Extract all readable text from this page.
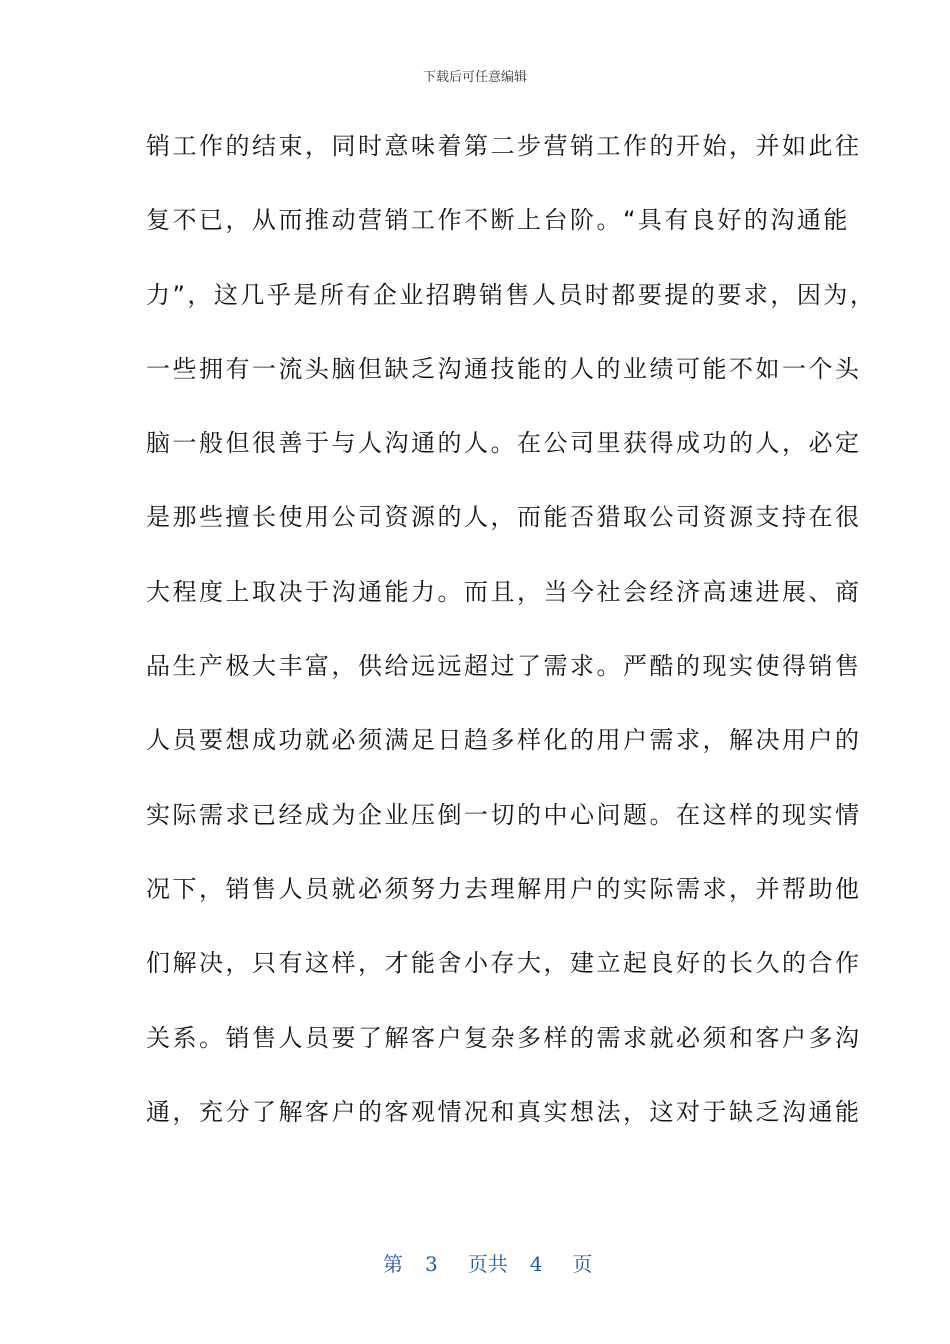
下载后可任意编辑
销工作的结束，同时意味着第二步营销工作的开始，并如此往
复不已，从而推动营销工作不断上台阶。“具有良好的沟通能
力”，这几乎是所有企业招聘销售人员时都要提的要求，因为，
一些拥有一流头脑但缺乏沟通技能的人的业绩可能不如一个头
脑一般但很善于与人沟通的人。在公司里获得成功的人，必定
是那些擅长使用公司资源的人，而能否猎取公司资源支持在很
大程度上取决于沟通能力。而且，当今社会经济高速进展、商
品生产极大丰富，供给远远超过了需求。严酷的现实使得销售
人员要想成功就必须满足日趋多样化的用户需求，解决用户的
实际需求已经成为企业压倒一切的中心问题。在这样的现实情
况下，销售人员就必须努力去理解用户的实际需求，并帮助他
们解决，只有这样，才能舍小存大，建立起良好的长久的合作
关系。销售人员要了解客户复杂多样的需求就必须和客户多沟
通，充分了解客户的客观情况和真实想法，这对于缺乏沟通能

第 3 页共 4 页
